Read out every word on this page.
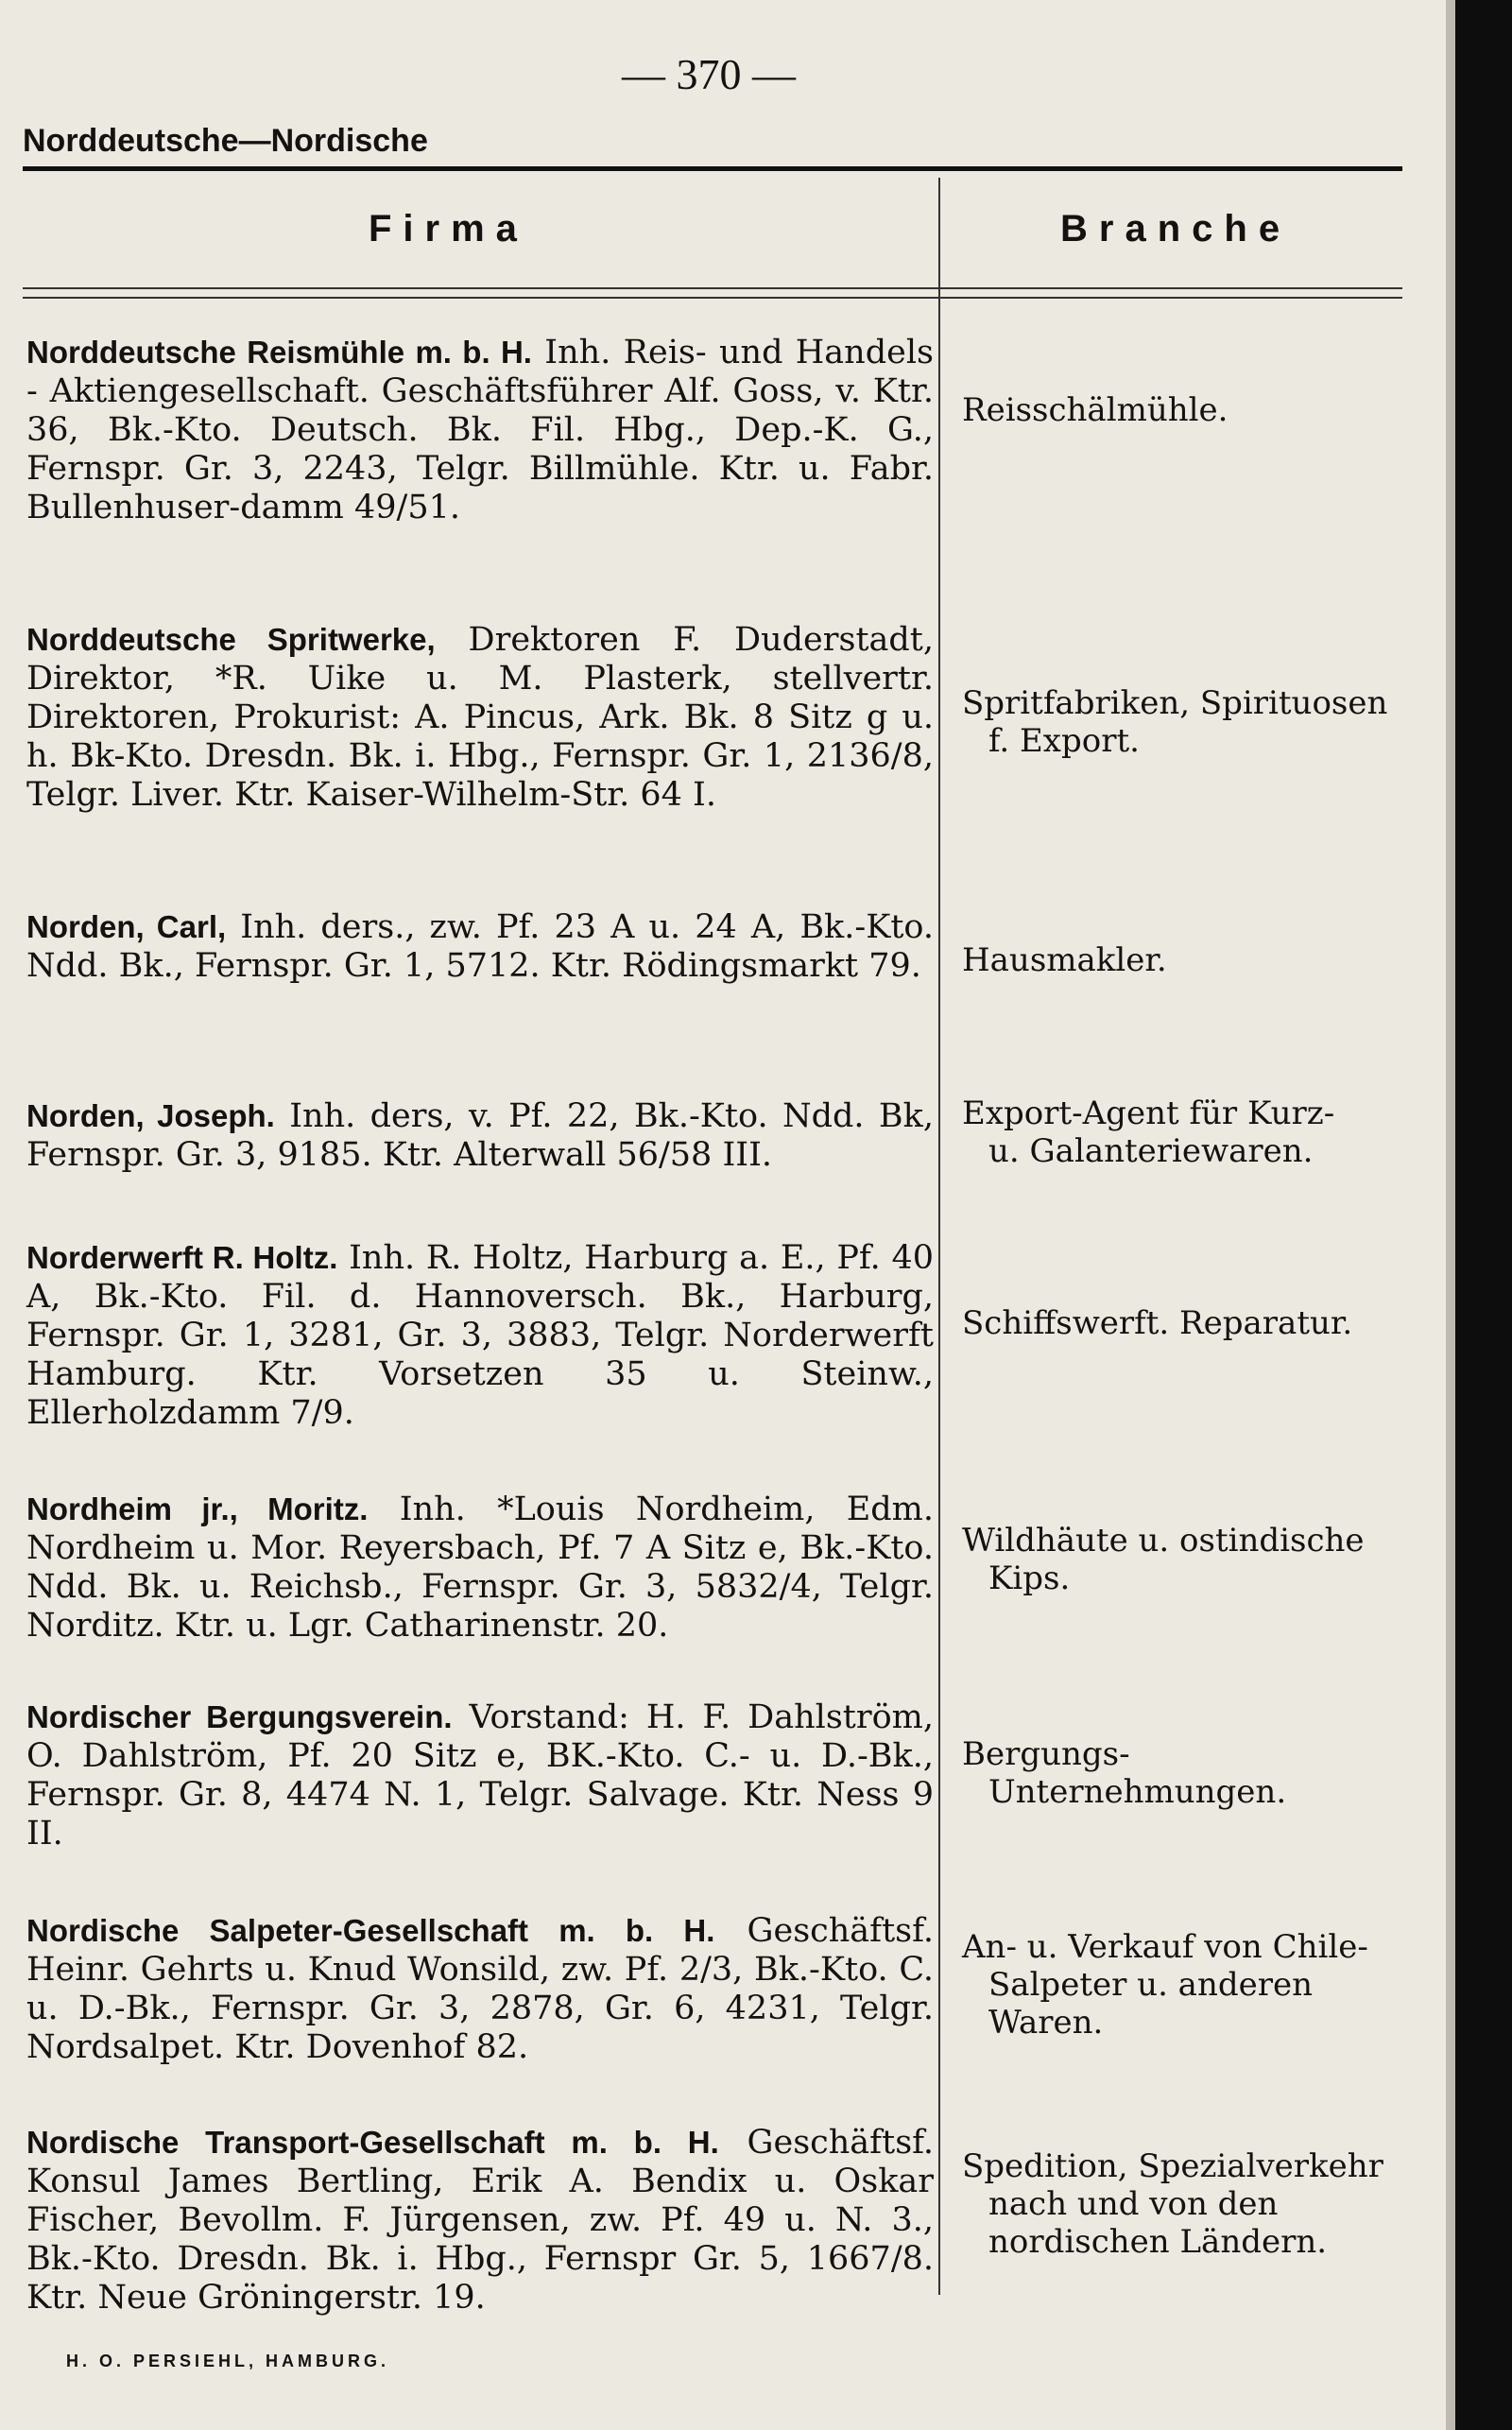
— 370 —
Norddeutsche—Nordische
Firma	Branche
Norddeutsche Reismühle m. b. H. Inh. Reis- und Handels - Aktiengesellschaft. Geschäftsführer Alf. Goss, v. Ktr. 36, Bk.-Kto. Deutsch. Bk. Fil. Hbg., Dep.-K. G., Fernspr. Gr. 3, 2243, Telgr. Billmühle. Ktr. u. Fabr. Bullenhuser-damm 49/51.
Reisschälmühle.
Norddeutsche Spritwerke, Drektoren F. Duderstadt, Direktor, *R. Uike u. M. Plasterk, stellvertr. Direktoren, Prokurist: A. Pincus, Ark. Bk. 8 Sitz g u. h. Bk-Kto. Dresdn. Bk. i. Hbg., Fernspr. Gr. 1, 2136/8, Telgr. Liver. Ktr. Kaiser-Wilhelm-Str. 64 I.
Spritfabriken, Spirituosen
f. Export.
Norden, Carl, Inh. ders., zw. Pf. 23 A u. 24 A, Bk.-Kto. Ndd. Bk., Fernspr. Gr. 1, 5712. Ktr. Rödingsmarkt 79.	Hausmakler.
Norden, Joseph. Inh. ders, v. Pf. 22, Bk.-Kto. Ndd. Bk, Fernspr. Gr. 3, 9185. Ktr. Alterwall 56/58 III.
Export-Agent für Kurz-
u. Galanteriewaren.
Norderwerft R. Holtz. Inh. R. Holtz, Harburg a. E., Pf. 40 A, Bk.-Kto. Fil. d. Hannoversch. Bk., Harburg, Fernspr. Gr. 1, 3281, Gr. 3, 3883, Telgr. Norderwerft Hamburg. Ktr. Vorsetzen 35 u. Steinw., Ellerholzdamm 7/9.
Schiffswerft. Reparatur.
Nordheim jr., Moritz. Inh. *Louis Nordheim, Edm. Nordheim u. Mor. Reyersbach, Pf. 7 A Sitz e, Bk.-Kto. Ndd. Bk. u. Reichsb., Fernspr. Gr. 3, 5832/4, Telgr. Norditz. Ktr. u. Lgr. Catharinenstr. 20.
Wildhäute u. ostindische
Kips.
Nordischer Bergungsverein. Vorstand: H. F. Dahlström, O. Dahlström, Pf. 20 Sitz e, BK.-Kto. C.- u. D.-Bk., Fernspr. Gr. 8, 4474 N. 1, Telgr. Salvage. Ktr. Ness 9 II.
Bergungs-
Unternehmungen.
Nordische Salpeter-Gesellschaft m. b. H. Geschäftsf. Heinr. Gehrts u. Knud Wonsild, zw. Pf. 2/3, Bk.-Kto. C. u. D.-Bk., Fernspr. Gr. 3, 2878, Gr. 6, 4231, Telgr. Nordsalpet. Ktr. Dovenhof 82.
An- u. Verkauf von Chile-
Salpeter u. anderen Waren.
Nordische Transport-Gesellschaft m. b. H. Geschäftsf. Konsul James Bertling, Erik A. Bendix u. Oskar Fischer, Bevollm. F. Jürgensen, zw. Pf. 49 u. N. 3., Bk.-Kto. Dresdn. Bk. i. Hbg., Fernspr Gr. 5, 1667/8. Ktr. Neue Gröningerstr. 19.
Spedition, Spezialverkehr
nach und von den nordischen Ländern.
H. O. PERSIEHL, HAMBURG.
